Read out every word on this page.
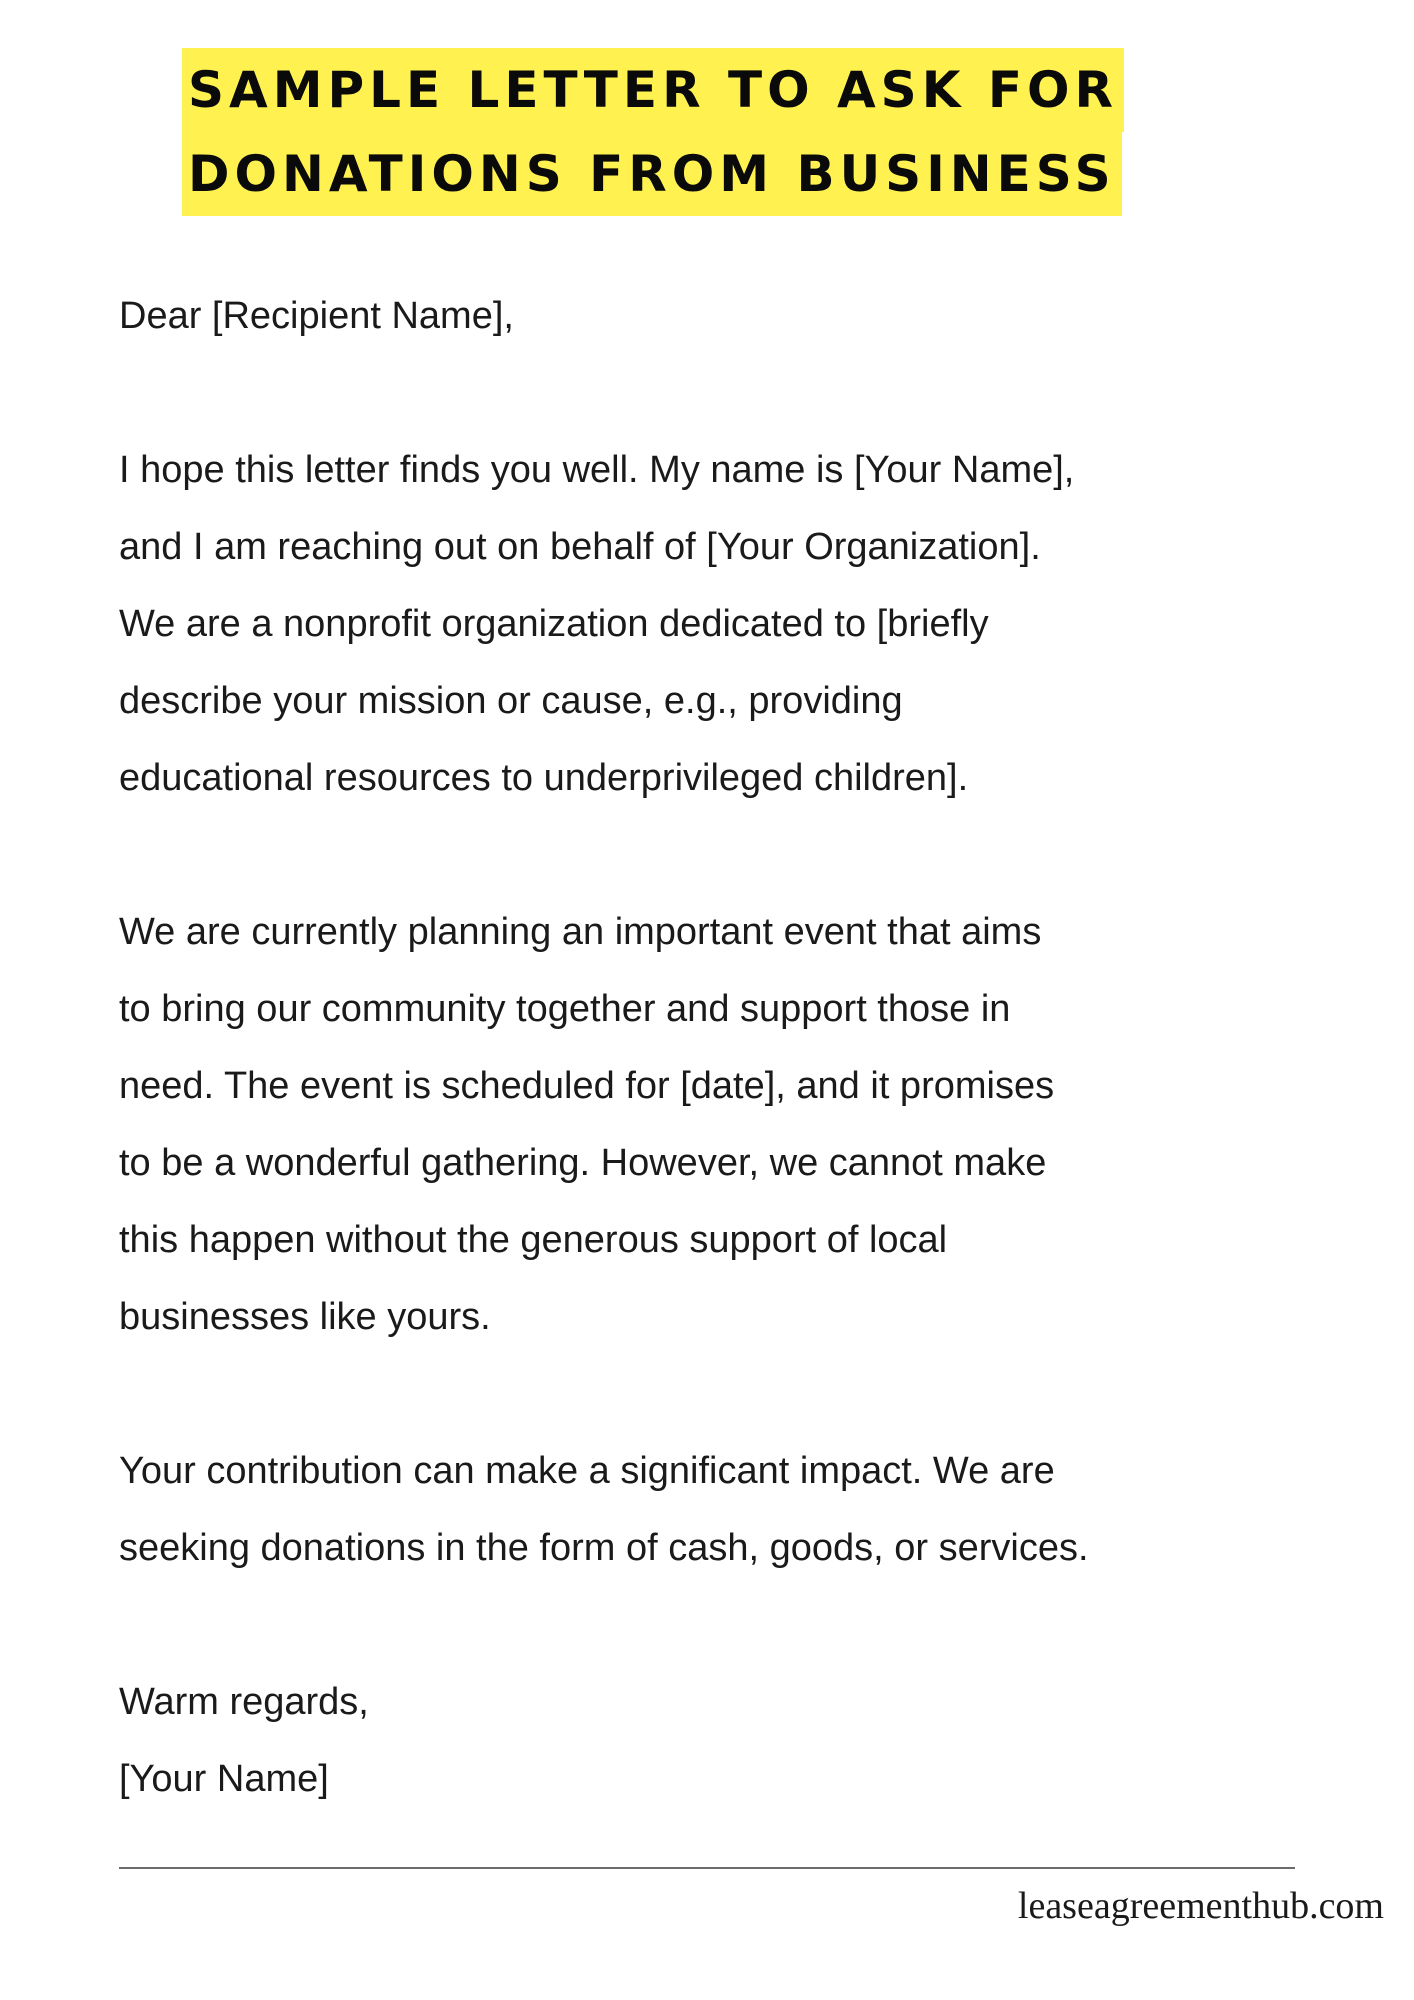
SAMPLE LETTER TO ASK FOR
DONATIONS FROM BUSINESS
Dear [Recipient Name],
I hope this letter finds you well. My name is [Your Name],
and I am reaching out on behalf of [Your Organization].
We are a nonprofit organization dedicated to [briefly
describe your mission or cause, e.g., providing
educational resources to underprivileged children].
We are currently planning an important event that aims
to bring our community together and support those in
need. The event is scheduled for [date], and it promises
to be a wonderful gathering. However, we cannot make
this happen without the generous support of local
businesses like yours.
Your contribution can make a significant impact. We are
seeking donations in the form of cash, goods, or services.
Warm regards,
[Your Name]
leaseagreementhub.com
